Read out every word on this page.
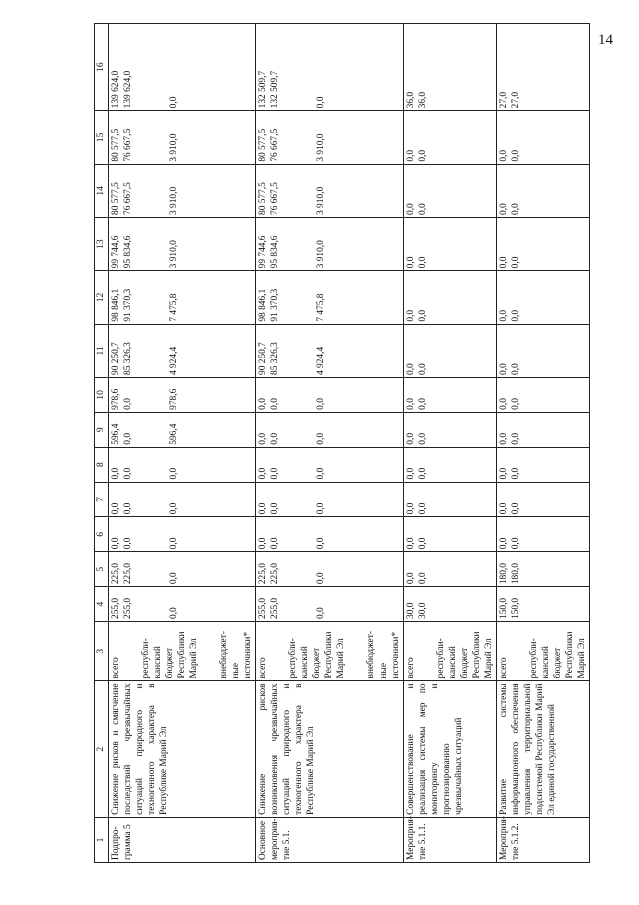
14
1	2	3	4	5	6	7	8	9	10	11	12	13	14	15	16
Подпро-грамма 5	Снижение рисков и смягчение последствий чрезвычайных ситуаций природного и техногенного характера в Республике Марий Эл	всего республи-канский бюджет Республики Марий Эл внебюджет-ные источники*	255,0 255,0 0,0	225,0 225,0 0,0	0,0 0,0 0,0	0,0 0,0 0,0	0,0 0,0 0,0	596,4 0,0 596,4	978,6 0,0 978,6	90 250,7 85 326,3 4 924,4	98 846,1 91 370,3 7 475,8	99 744,6 95 834,6 3 910,0	80 577,5 76 667,5 3 910,0	80 577,5 76 667,5 3 910,0	139 624,0 139 624,0 0,0

Основное мероприя-тие 5.1.	Снижение рисков возникновения чрезвычайных ситуаций природного и техногенного характера в Республике Марий Эл	всего республи-канский бюджет Республики Марий Эл внебюджет-ные источники*	255,0 255,0 0,0	225,0 225,0 0,0	0,0 0,0 0,0	0,0 0,0 0,0	0,0 0,0 0,0	0,0 0,0 0,0	0,0 0,0 0,0	90 250,7 85 326,3 4 924,4	98 846,1 91 370,3 7 475,8	99 744,6 95 834,6 3 910,0	80 577,5 76 667,5 3 910,0	80 577,5 76 667,5 3 910,0	132 509,7 132 509,7 0,0

Мероприя-тие 5.1.1.	Совершенствование и реализация системы мер по мониторингу и прогнозированию чрезвычайных ситуаций	всего республи-канский бюджет Республики Марий Эл	30,0 30,0	0,0 0,0	0,0 0,0	0,0 0,0	0,0 0,0	0,0 0,0	0,0 0,0	0,0 0,0	0,0 0,0	0,0 0,0	0,0 0,0	0,0 0,0	36,0 36,0

Мероприя-тие 5.1.2.	Развитие системы информационного обеспечения управления территориальной подсистемой Республики Марий Эл единой государственной	всего республи-канский бюджет Республики Марий Эл	150,0 150,0	180,0 180,0	0,0 0,0	0,0 0,0	0,0 0,0	0,0 0,0	0,0 0,0	0,0 0,0	0,0 0,0	0,0 0,0	0,0 0,0	0,0 0,0	27,0 27,0
